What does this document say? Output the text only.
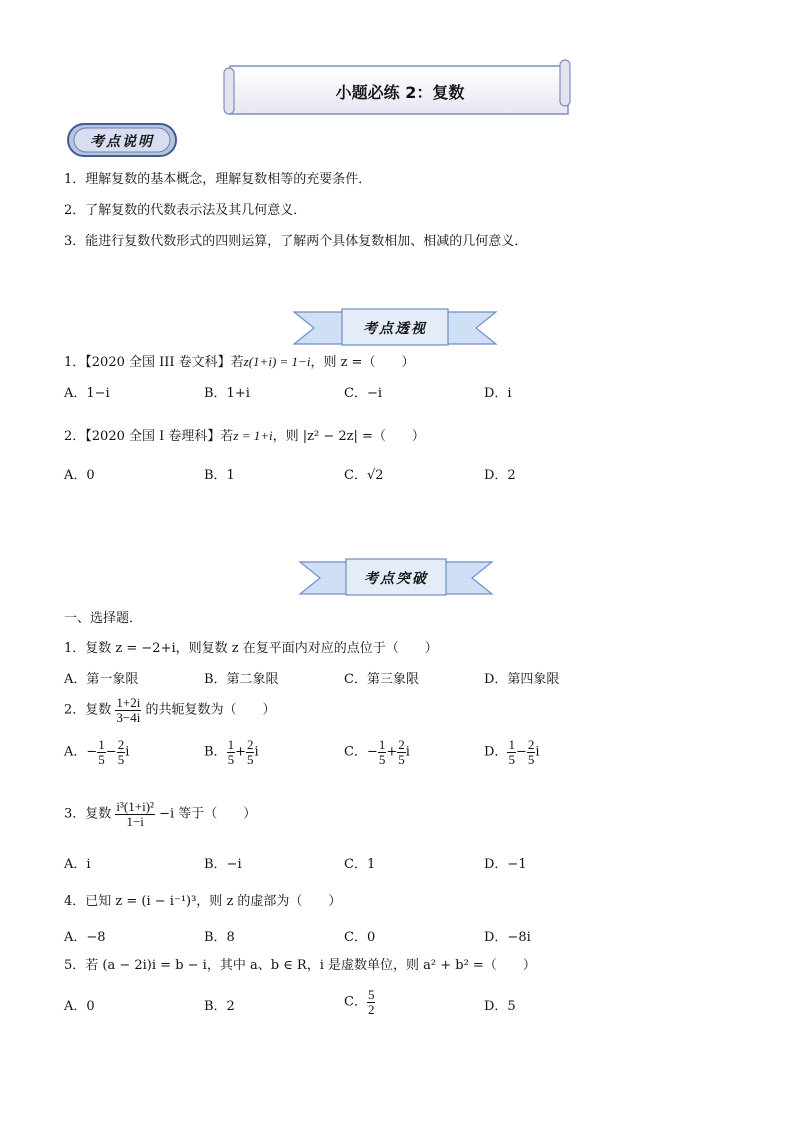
小题必练 2：复数
考点说明
1．理解复数的基本概念，理解复数相等的充要条件．
2．了解复数的代数表示法及其几何意义．
3．能进行复数代数形式的四则运算，了解两个具体复数相加、相减的几何意义．
考点透视
1．【2020 全国 III 卷文科】若z(1+i) = 1−i，则 z =（　　）
A．1−i	B．1+i	C．−i	D．i
2．【2020 全国 I 卷理科】若z = 1+i，则 |z² − 2z| =（　　）
A．0	B．1	C．√2	D．2
考点突破
一、选择题．
1．复数 z = −2+i，则复数 z 在复平面内对应的点位于（　　）
A．第一象限	B．第二象限	C．第三象限	D．第四象限
2．复数 $\frac{1+2i}{3-4i}$ 的共轭复数为（　　）
A．− $\frac{1}{5} - \frac{2}{5}$ i	B． $\frac{1}{5} + \frac{2}{5}$ i	C．− $\frac{1}{5} + \frac{2}{5}$ i	D． $\frac{1}{5} - \frac{2}{5}$ i
3．复数 $\frac{\text{i³(1+i)²}}{1-i} -i$ 等于（　　）
A．i	B．−i	C．1	D．−1
4．已知 z = (i − i⁻¹)³，则 z 的虚部为（　　）
A．−8	B．8	C．0	D．−8i
5．若 (a − 2i)i = b − i，其中 a、b ∈ R，i 是虚数单位，则 a² + b² =（　　）
A．0	B．2	C． $\frac{5}{2}$	D．5
